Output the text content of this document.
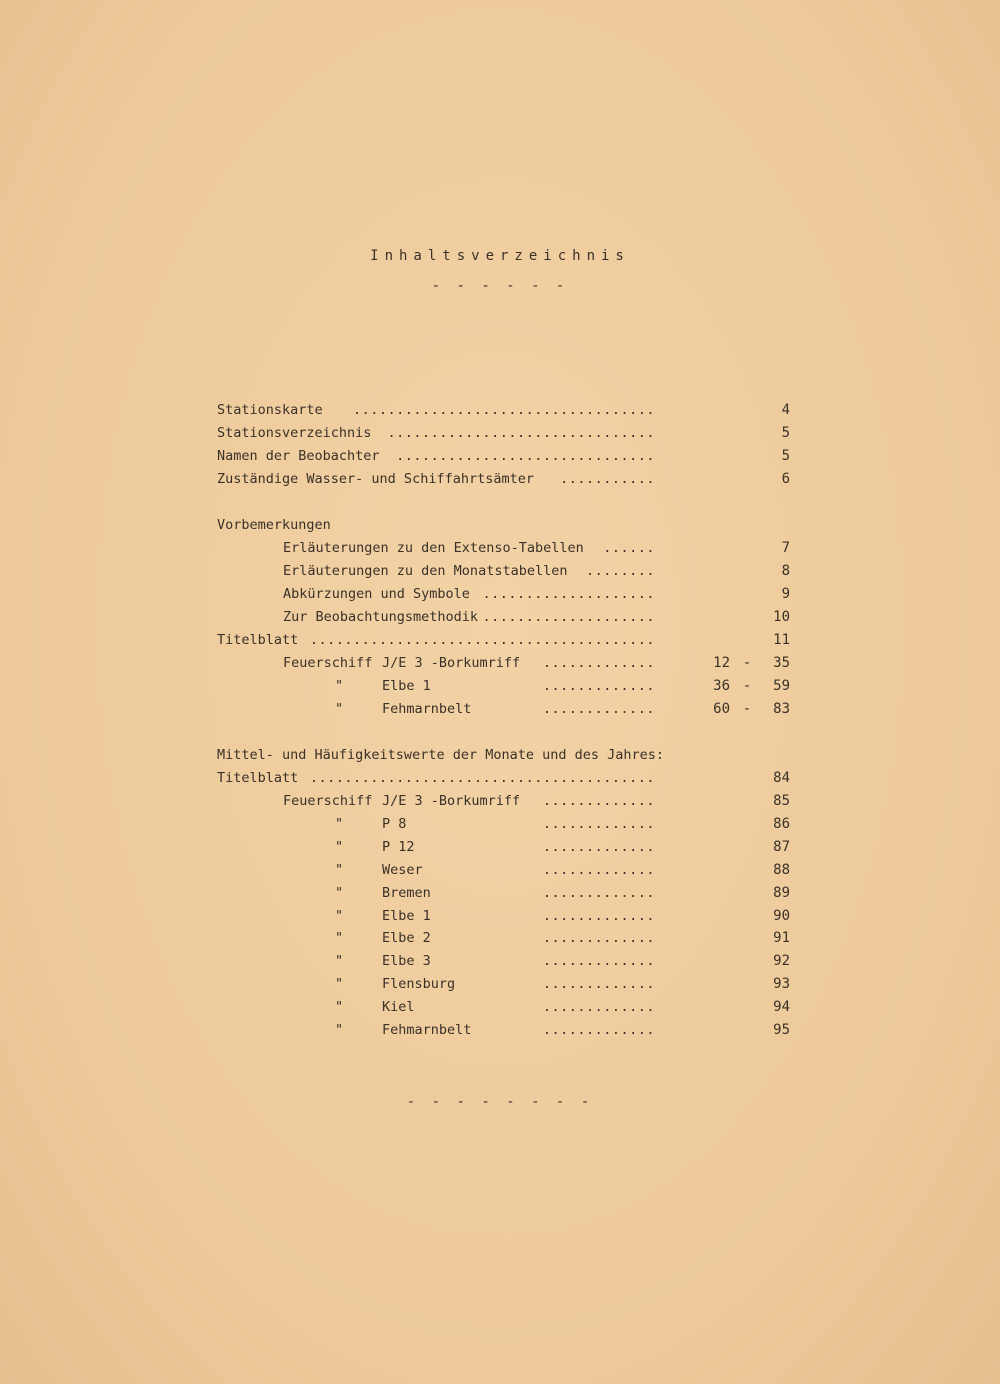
Inhaltsverzeichnis
- - - - - -
Stationskarte ...................................	4
Stationsverzeichnis ...............................	5
Namen der Beobachter ..............................	5
Zuständige Wasser- und Schiffahrtsämter ...........	6
Vorbemerkungen
Erläuterungen zu den Extenso-Tabellen ......	7
Erläuterungen zu den Monatstabellen ........	8
Abkürzungen und Symbole ....................	9
Zur Beobachtungsmethodik ....................	10
Titelblatt ........................................	11
Feuerschiff J/E 3 -Borkumriff .............	12 -	35
"	Elbe 1	.............	36 -	59
"	Fehmarnbelt	.............	60 -	83
Mittel- und Häufigkeitswerte der Monate und des Jahres:
Titelblatt ........................................	84
Feuerschiff J/E 3 -Borkumriff .............	85
"	P 8	.............	86
"	P 12	.............	87
"	Weser	.............	88
"	Bremen	.............	89
"	Elbe 1	.............	90
"	Elbe 2	.............	91
"	Elbe 3	.............	92
"	Flensburg	.............	93
"	Kiel	.............	94
"	Fehmarnbelt	.............	95
- - - - - - - -
